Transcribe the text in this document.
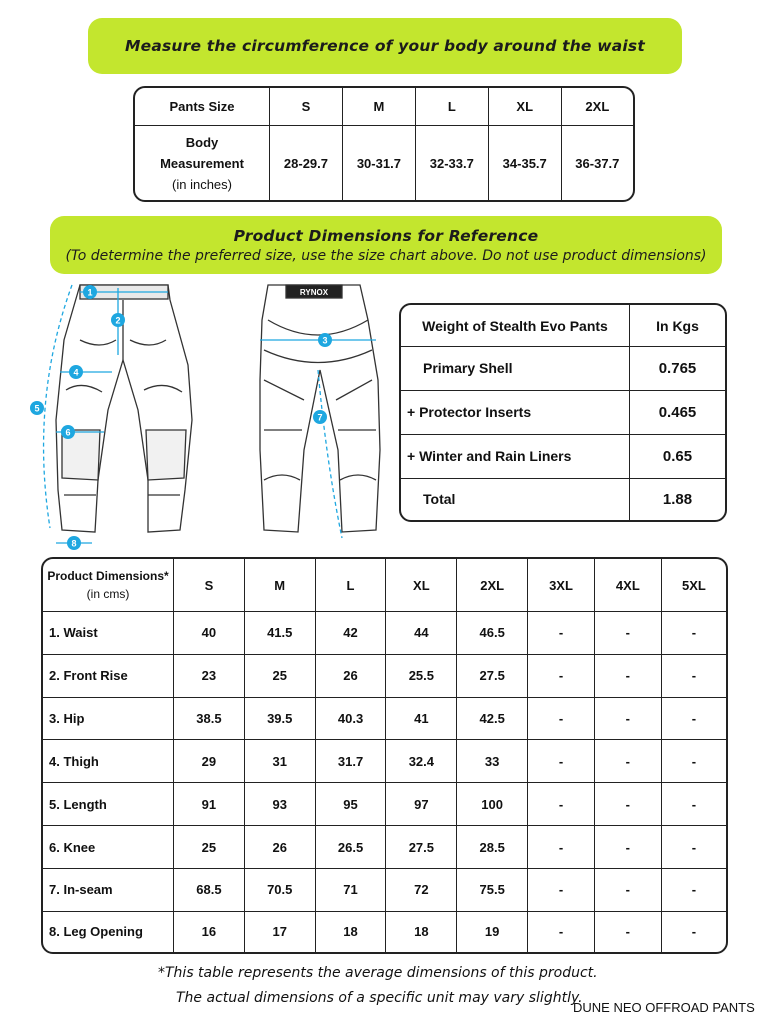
Measure the circumference of your body around the waist
Pants Size	S	M	L	XL	2XL

Body
Measurement
(in inches)	28-29.7	30-31.7	32-33.7	34-35.7	36-37.7
Product Dimensions for Reference
(To determine the preferred size, use the size chart above. Do not use product dimensions)
RYNOX
1
2
3
4
5
6
7
8
Weight of Stealth Evo Pants	In Kgs
Primary Shell	0.765
+ Protector Inserts	0.465
+ Winter and Rain Liners	0.65
Total	1.88
Product Dimensions*
(in cms)	S	M	L	XL	2XL	3XL	4XL	5XL
1. Waist	40	41.5	42	44	46.5	-	-	-
2. Front Rise	23	25	26	25.5	27.5	-	-	-
3. Hip	38.5	39.5	40.3	41	42.5	-	-	-
4. Thigh	29	31	31.7	32.4	33	-	-	-
5. Length	91	93	95	97	100	-	-	-
6. Knee	25	26	26.5	27.5	28.5	-	-	-
7. In-seam	68.5	70.5	71	72	75.5	-	-	-
8. Leg Opening	16	17	18	18	19	-	-	-
*This table represents the average dimensions of this product.
The actual dimensions of a specific unit may vary slightly.
DUNE NEO OFFROAD PANTS
